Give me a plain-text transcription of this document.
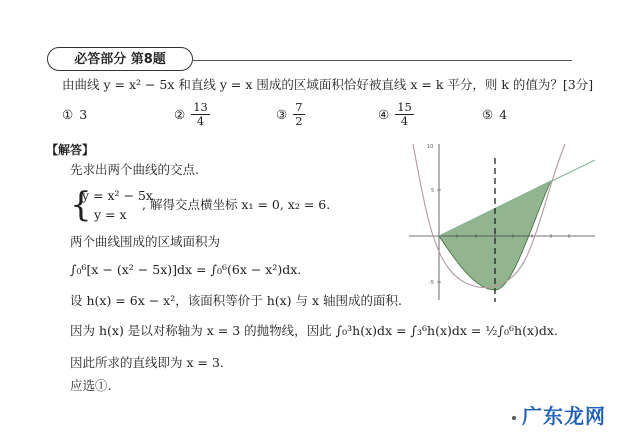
必答部分 第8题
由曲线 y = x² − 5x 和直线 y = x 围成的区域面积恰好被直线 x = k 平分，则 k 的值为？[3分]
① 3	② $\frac{13}{4}$	③ $\frac{7}{2}$	④ $\frac{15}{4}$	⑤ 4
【解答】
先求出两个曲线的交点.
{
y = x² − 5x
y = x
, 解得交点横坐标 x₁ = 0, x₂ = 6.
两个曲线围成的区域面积为
∫₀⁶[x − (x² − 5x)]dx = ∫₀⁶(6x − x²)dx.
设 h(x) = 6x − x²，该面积等价于 h(x) 与 x 轴围成的面积.
因为 h(x) 是以对称轴为 x = 3 的抛物线，因此 ∫₀³h(x)dx = ∫₃⁶h(x)dx = ½∫₀⁶h(x)dx.
因此所求的直线即为 x = 3.
应选①.
10
5
-5
广东龙网
